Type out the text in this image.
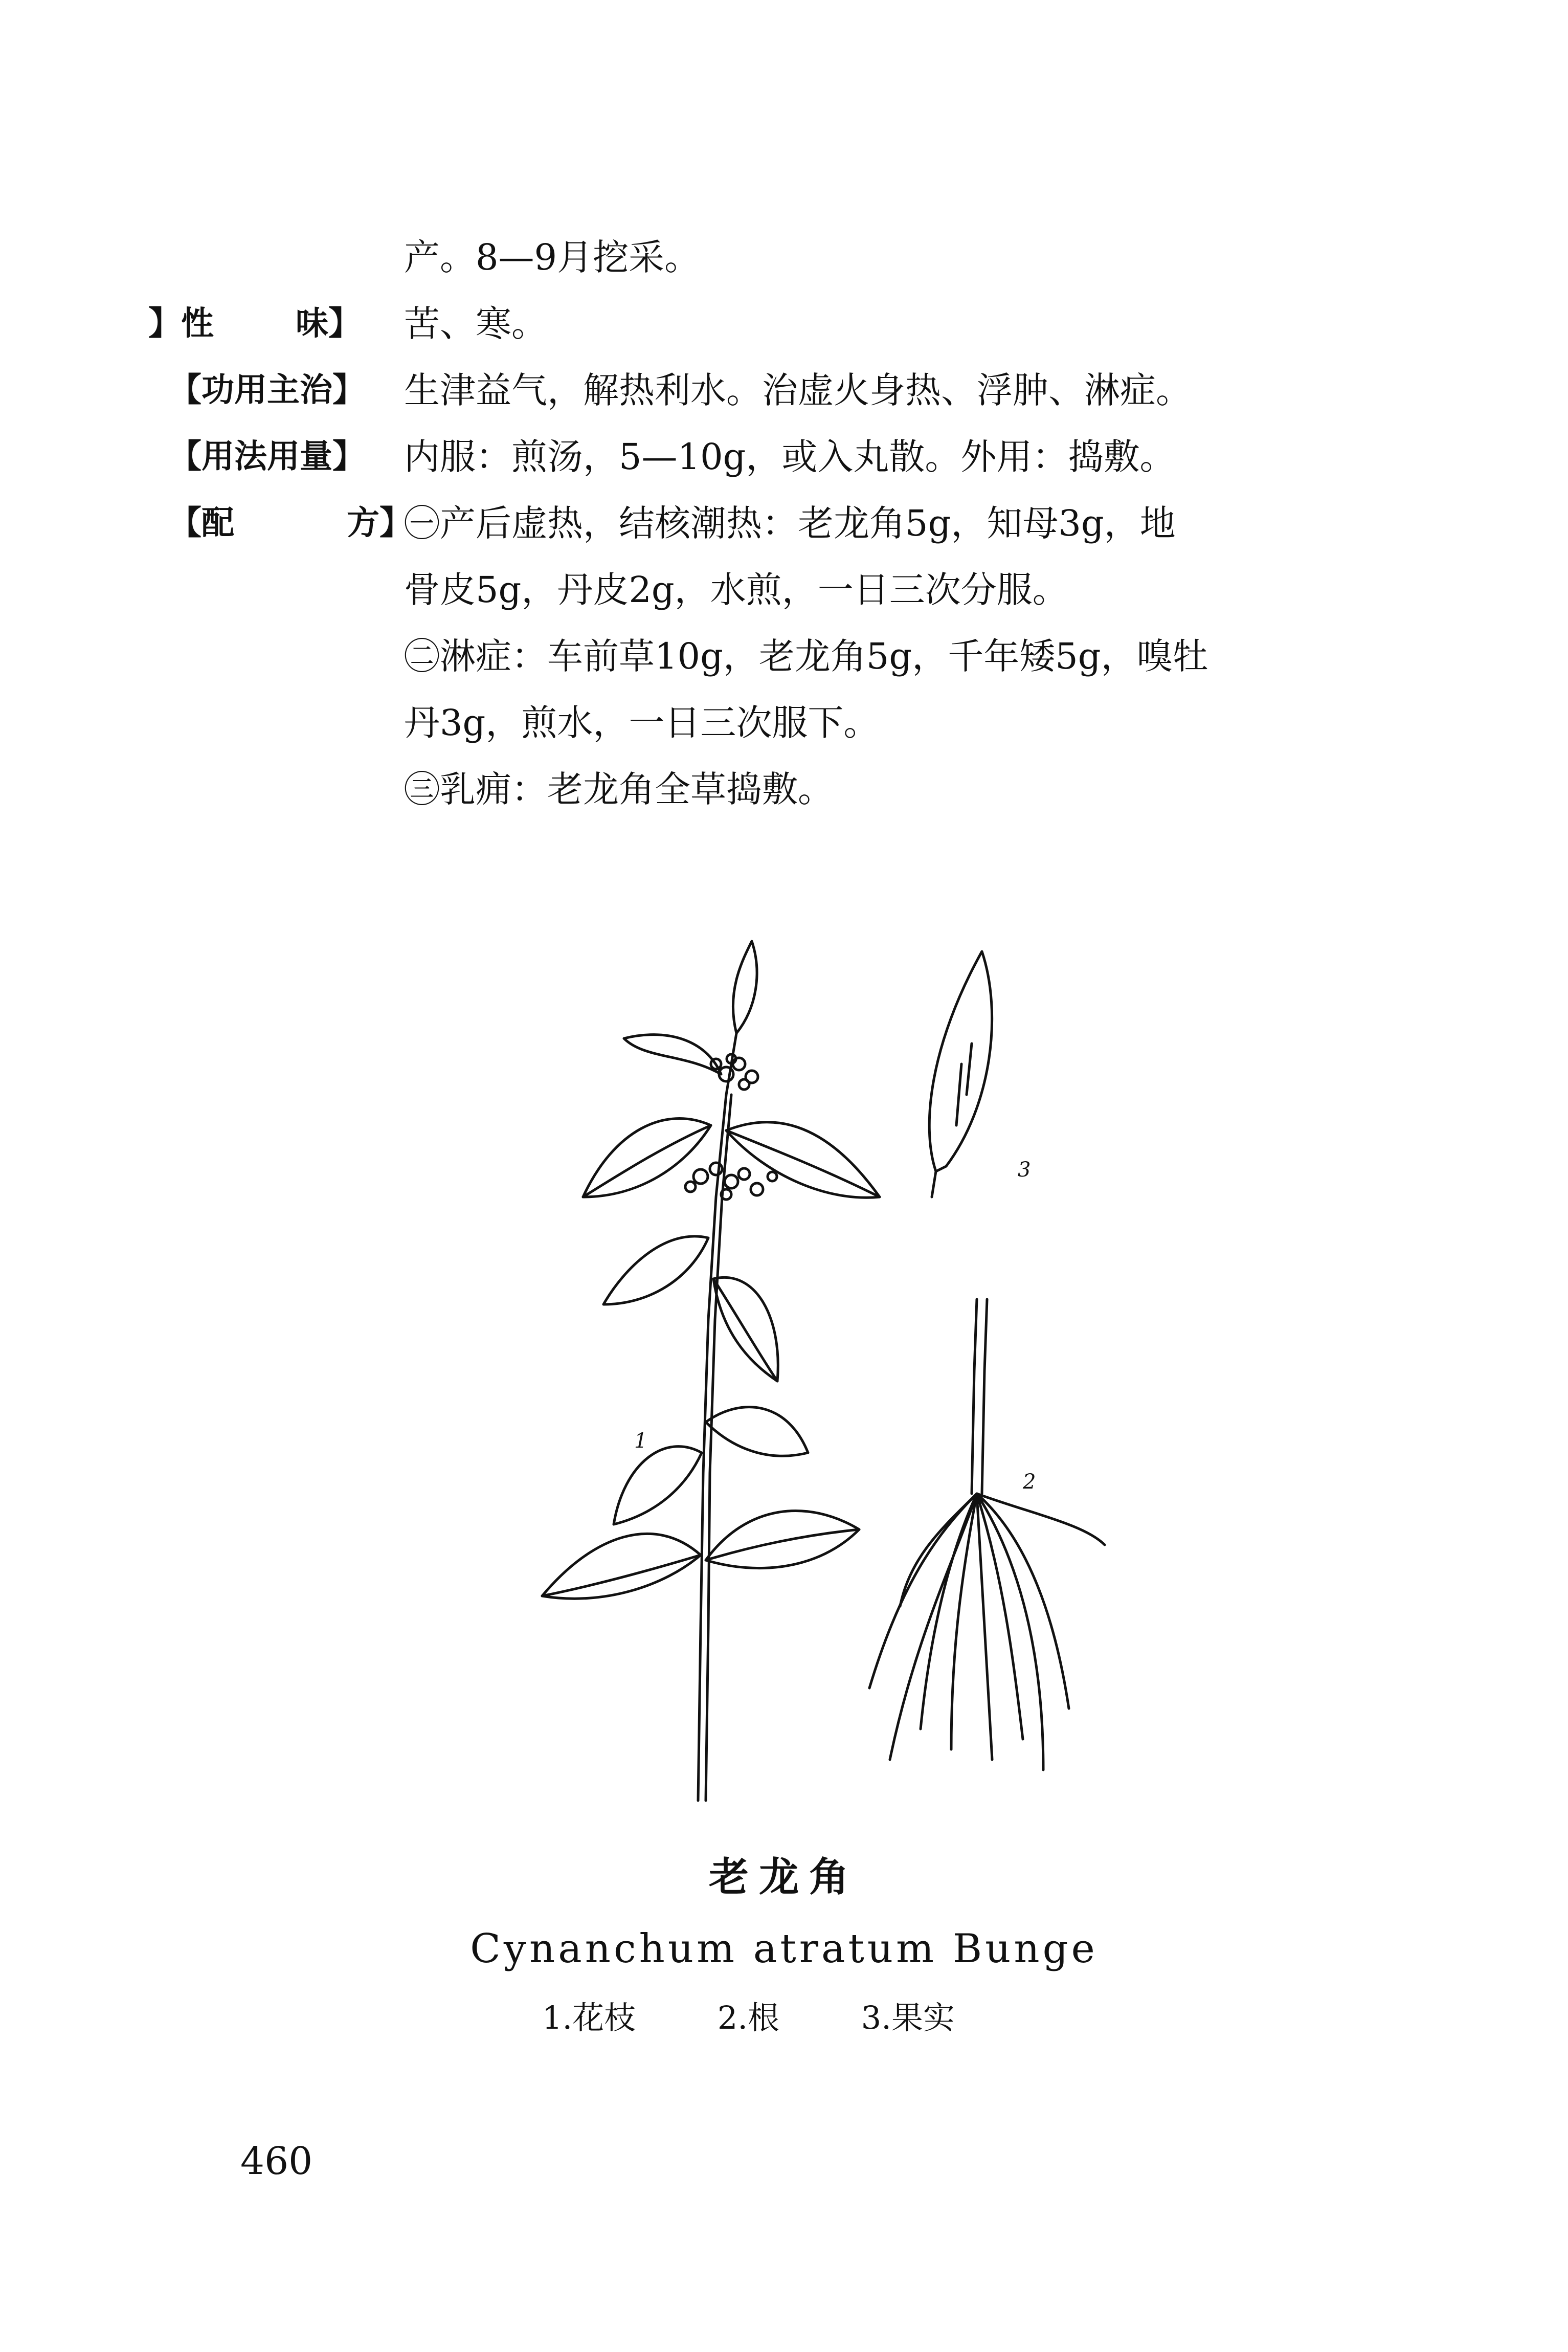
产。8—9月挖采。
】性	味】 苦、寒。
【功用主治】 生津益气，解热利水。治虚火身热、浮肿、淋症。
【用法用量】 内服：煎汤，5—10g，或入丸散。外用：捣敷。
【配	方】
㊀产后虚热，结核潮热：老龙角5g，知母3g，地
骨皮5g，丹皮2g，水煎，一日三次分服。
㊁淋症：车前草10g，老龙角5g，千年矮5g，嗅牡
丹3g，煎水，一日三次服下。
㊂乳痈：老龙角全草捣敷。
1
2
3
老龙角
Cynanchum atratum Bunge
1.花枝	2.根	3.果实
460
